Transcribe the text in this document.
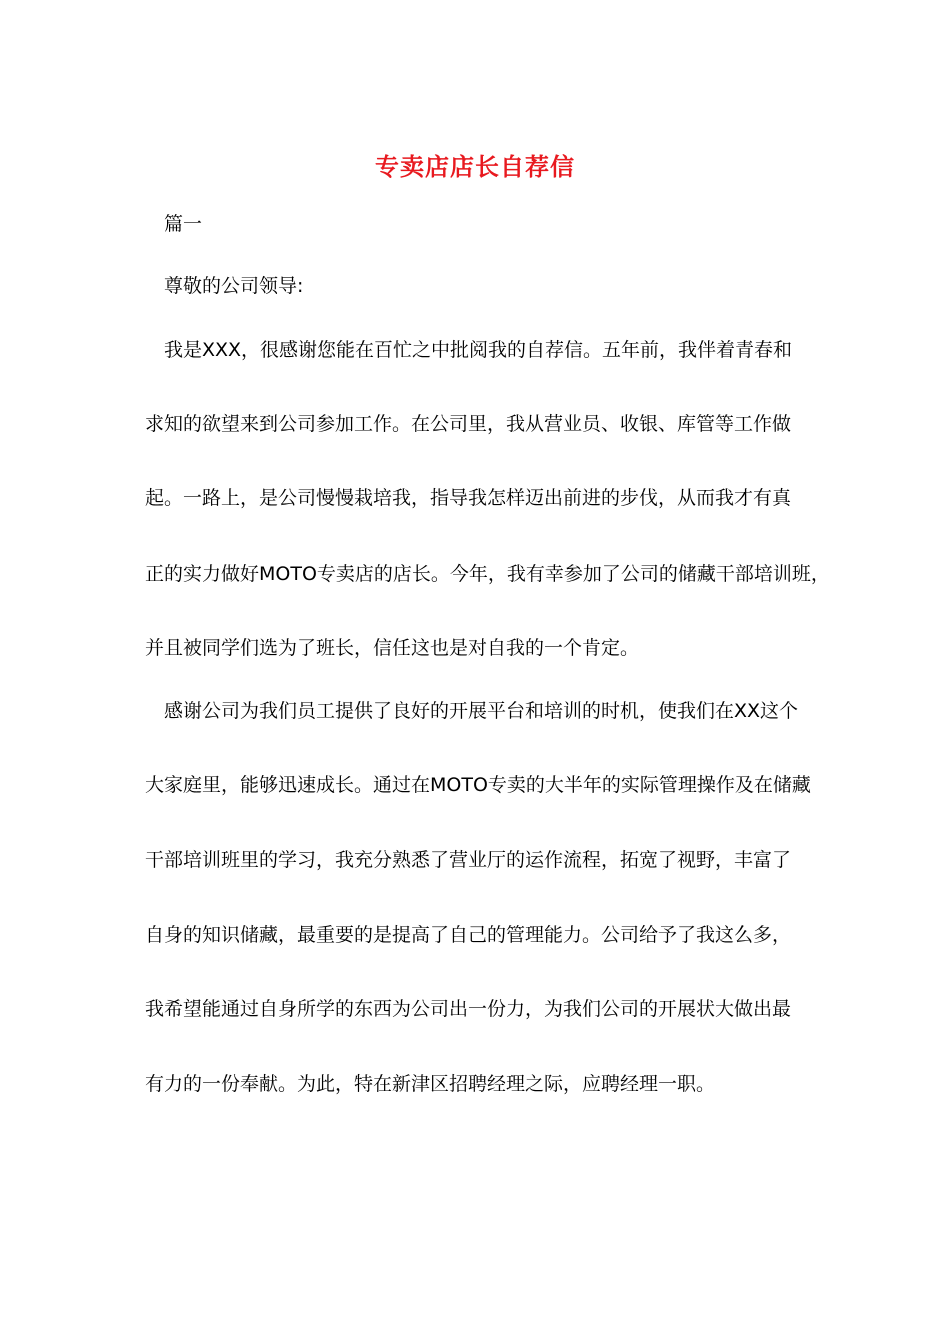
专卖店店长自荐信
篇一
尊敬的公司领导:
我是XXX，很感谢您能在百忙之中批阅我的自荐信。五年前，我伴着青春和
求知的欲望来到公司参加工作。在公司里，我从营业员、收银、库管等工作做
起。一路上，是公司慢慢栽培我，指导我怎样迈出前进的步伐，从而我才有真
正的实力做好MOTO专卖店的店长。今年，我有幸参加了公司的储藏干部培训班，
并且被同学们选为了班长，信任这也是对自我的一个肯定。
感谢公司为我们员工提供了良好的开展平台和培训的时机，使我们在XX这个
大家庭里，能够迅速成长。通过在MOTO专卖的大半年的实际管理操作及在储藏
干部培训班里的学习，我充分熟悉了营业厅的运作流程，拓宽了视野，丰富了
自身的知识储藏，最重要的是提高了自己的管理能力。公司给予了我这么多，
我希望能通过自身所学的东西为公司出一份力，为我们公司的开展状大做出最
有力的一份奉献。为此，特在新津区招聘经理之际，应聘经理一职。
